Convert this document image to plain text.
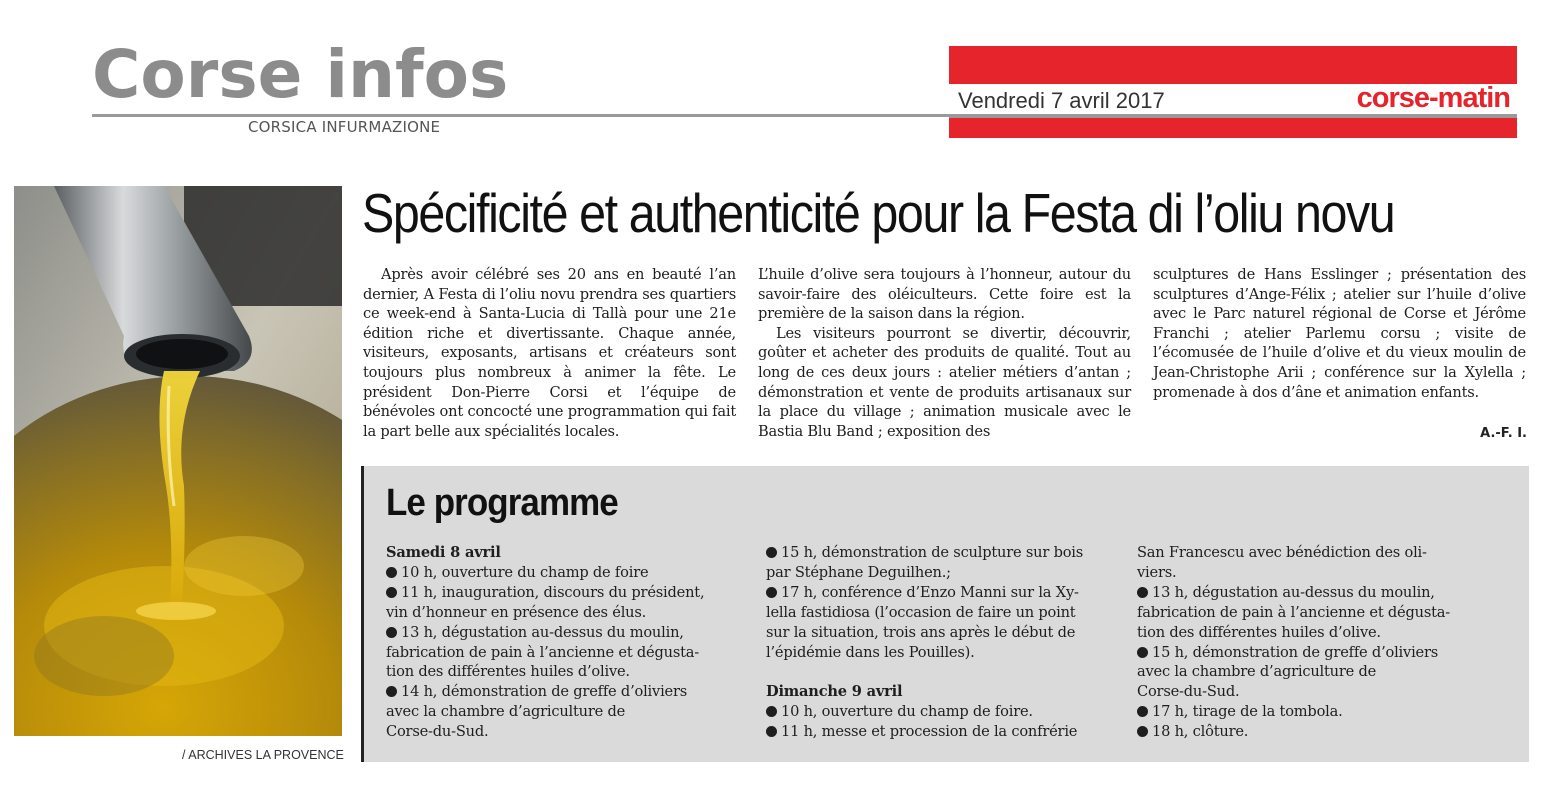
Corse infos
CORSICA INFURMAZIONE
Vendredi 7 avril 2017	corse-matin
/ ARCHIVES LA PROVENCE
Spécificité et authenticité pour la Festa di l’oliu novu

Après avoir célébré ses 20 ans en beauté l’an dernier, A Festa di l’oliu novu prendra ses quartiers ce week-end à Santa-Lucia di Tallà pour une 21e édition riche et divertissante. Chaque année, visiteurs, exposants, artisans et créateurs sont toujours plus nombreux à animer la fête. Le président Don-Pierre Corsi et l’équipe de bénévoles ont concocté une programmation qui fait la part belle aux spécialités locales.

L’huile d’olive sera toujours à l’honneur, autour du savoir-faire des oléiculteurs. Cette foire est la première de la saison dans la région.

Les visiteurs pourront se divertir, découvrir, goûter et acheter des produits de qualité. Tout au long de ces deux jours : atelier métiers d’antan ; démonstration et vente de produits artisanaux sur la place du village ; animation musicale avec le Bastia Blu Band ; exposition des

sculptures de Hans Esslinger ; présentation des sculptures d’Ange-Félix ; atelier sur l’huile d’olive avec le Parc naturel régional de Corse et Jérôme Franchi ; atelier Parlemu corsu ; visite de l’écomusée de l’huile d’olive et du vieux moulin de Jean-Christophe Arii ; conférence sur la Xylella ; promenade à dos d’âne et animation enfants.

A.-F. I.
Le programme
Samedi 8 avril
10 h, ouverture du champ de foire
11 h, inauguration, discours du président,
vin d’honneur en présence des élus.
13 h, dégustation au-dessus du moulin,
fabrication de pain à l’ancienne et dégusta-
tion des différentes huiles d’olive.
14 h, démonstration de greffe d’oliviers
avec la chambre d’agriculture de
Corse-du-Sud.
15 h, démonstration de sculpture sur bois
par Stéphane Deguilhen.;
17 h, conférence d’Enzo Manni sur la Xy-
lella fastidiosa (l’occasion de faire un point
sur la situation, trois ans après le début de
l’épidémie dans les Pouilles).
Dimanche 9 avril
10 h, ouverture du champ de foire.
11 h, messe et procession de la confrérie
San Francescu avec bénédiction des oli-
viers.
13 h, dégustation au-dessus du moulin,
fabrication de pain à l’ancienne et dégusta-
tion des différentes huiles d’olive.
15 h, démonstration de greffe d’oliviers
avec la chambre d’agriculture de
Corse-du-Sud.
17 h, tirage de la tombola.
18 h, clôture.
